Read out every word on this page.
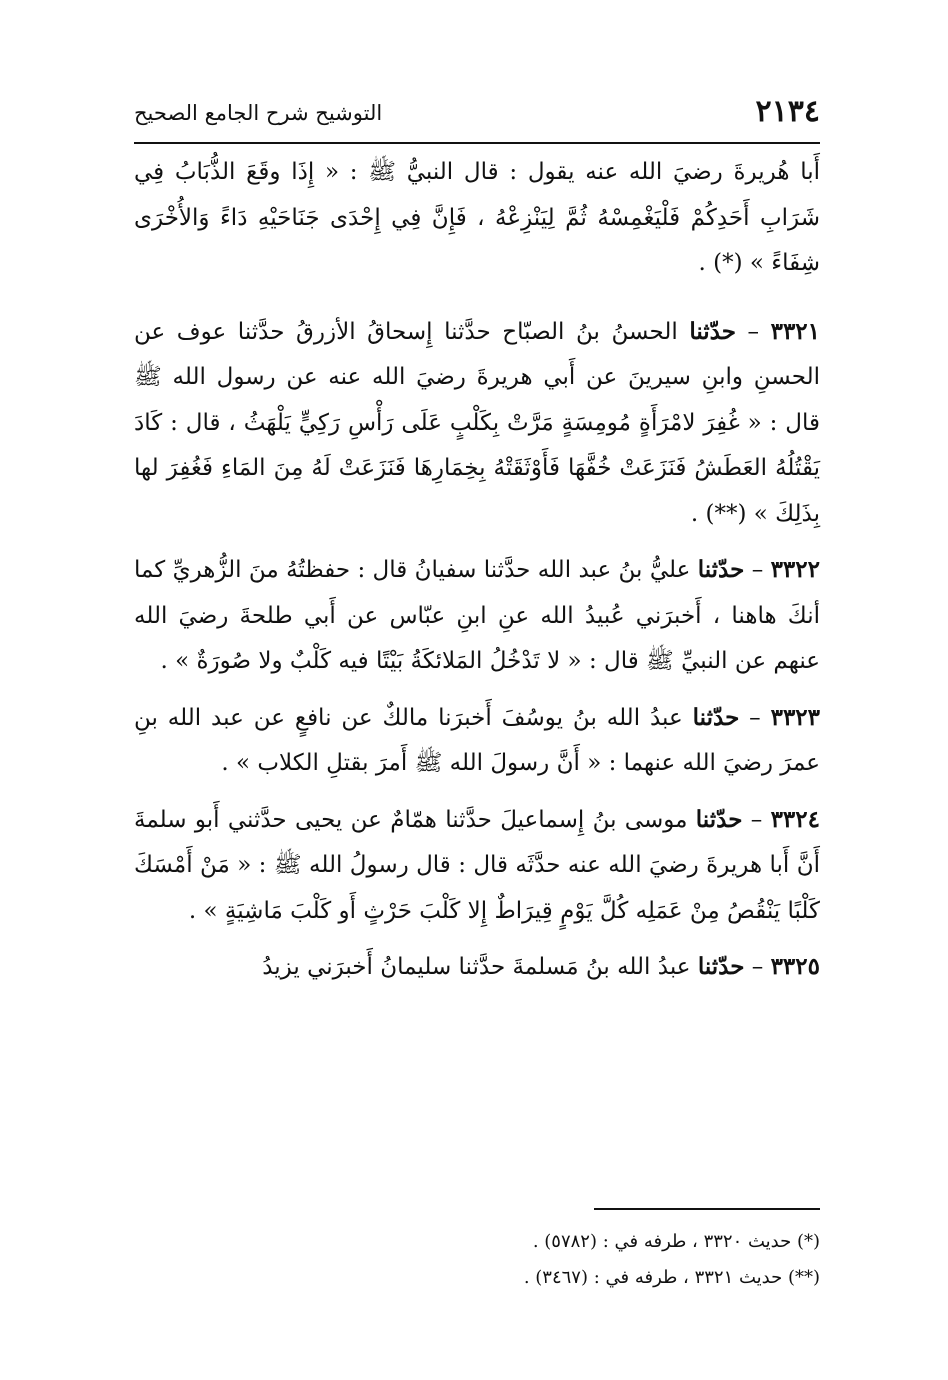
٢١٣٤
التوشيح شرح الجامع الصحيح

أَبا هُريرةَ رضيَ الله عنه يقول : قال النبيُّ ﷺ : « إِذَا وقَعَ الذُّبَابُ فِي شَرَابِ أَحَدِكُمْ فَلْيَغْمِسْهُ ثُمَّ لِيَنْزِعْهُ ، فَإِنَّ فِي إِحْدَى جَنَاحَيْهِ دَاءً وَالأُخْرَى شِفَاءً » (*) .

٣٣٢١ – حدّثنا الحسنُ بنُ الصبّاح حدَّثنا إِسحاقُ الأزرقُ حدَّثنا عوف عن الحسنِ وابنِ سيرينَ عن أَبي هريرةَ رضيَ الله عنه عن رسول الله ﷺ قال : « غُفِرَ لامْرَأَةٍ مُومِسَةٍ مَرَّتْ بِكَلْبٍ عَلَى رَأْسِ رَكِيٍّ يَلْهَثُ ، قال : كَادَ يَقْتُلُهُ العَطَشُ فَنَزَعَتْ خُفَّهَا فَأَوْثَقَتْهُ بِخِمَارِهَا فَنَزَعَتْ لَهُ مِنَ المَاءِ فَغُفِرَ لها بِذَلِكَ » (**) .

٣٣٢٢ – حدّثنا عليُّ بنُ عبد الله حدَّثنا سفيانُ قال : حفظتُهُ منَ الزُّهريِّ كما أنكَ هاهنا ، أَخبرَني عُبيدُ الله عنِ ابنِ عبّاس عن أَبي طلحةَ رضيَ الله عنهم عن النبيِّ ﷺ قال : « لا تَدْخُلُ المَلائكَةُ بَيْتًا فيه كَلْبٌ ولا صُورَةٌ » .

٣٣٢٣ – حدّثنا عبدُ الله بنُ يوسُفَ أَخبرَنا مالكٌ عن نافعٍ عن عبد الله بنِ عمرَ رضيَ الله عنهما : « أَنَّ رسولَ الله ﷺ أَمرَ بقتلِ الكلاب » .

٣٣٢٤ – حدّثنا موسى بنُ إِسماعيلَ حدَّثنا همّامٌ عن يحيى حدَّثني أَبو سلمةَ أَنَّ أَبا هريرةَ رضيَ الله عنه حدَّثَه قال : قال رسولُ الله ﷺ : « مَنْ أَمْسَكَ كَلْبًا يَنْقُصُ مِنْ عَمَلِه كُلَّ يَوْمٍ قِيرَاطٌ إِلا كَلْبَ حَرْثٍ أَو كَلْبَ مَاشِيَةٍ » .

٣٣٢٥ – حدّثنا عبدُ الله بنُ مَسلمةَ حدَّثنا سليمانُ أَخبرَني يزيدُ

(*) حديث ٣٣٢٠ ، طرفه في : (٥٧٨٢) .

(**) حديث ٣٣٢١ ، طرفه في : (٣٤٦٧) .
